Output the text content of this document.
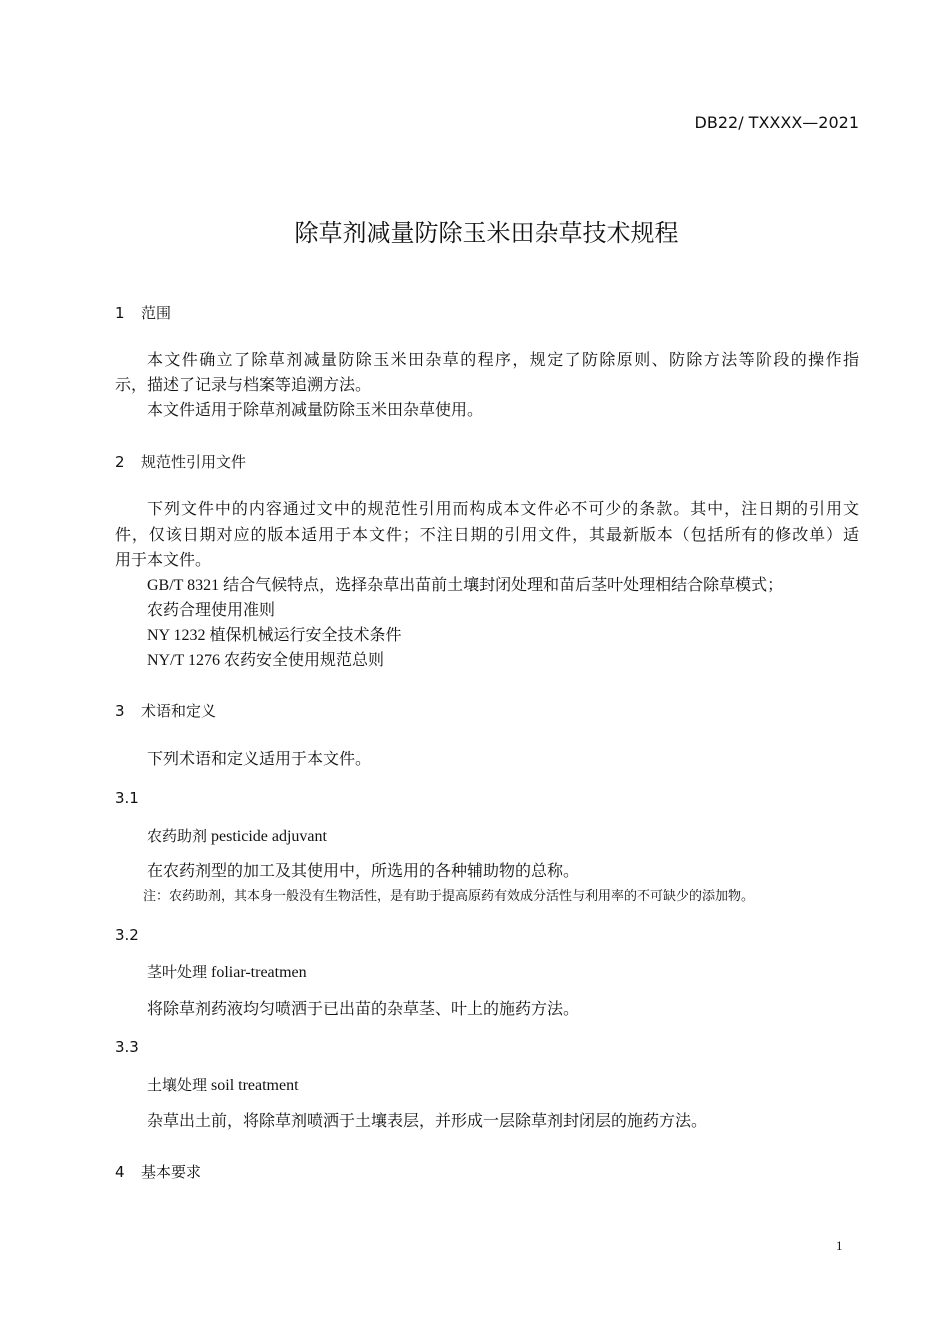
DB22/ TXXXX—2021
除草剂减量防除玉米田杂草技术规程
1 范围
本文件确立了除草剂减量防除玉米田杂草的程序，规定了防除原则、防除方法等阶段的操作指
示，描述了记录与档案等追溯方法。
本文件适用于除草剂减量防除玉米田杂草使用。
2 规范性引用文件
下列文件中的内容通过文中的规范性引用而构成本文件必不可少的条款。其中，注日期的引用文
件，仅该日期对应的版本适用于本文件；不注日期的引用文件，其最新版本（包括所有的修改单）适
用于本文件。
GB/T 8321 结合气候特点，选择杂草出苗前土壤封闭处理和苗后茎叶处理相结合除草模式；
农药合理使用准则
NY 1232 植保机械运行安全技术条件
NY/T 1276 农药安全使用规范总则
3 术语和定义
下列术语和定义适用于本文件。
3.1
农药助剂 pesticide adjuvant
在农药剂型的加工及其使用中，所选用的各种辅助物的总称。
注：农药助剂，其本身一般没有生物活性，是有助于提高原药有效成分活性与利用率的不可缺少的添加物。
3.2
茎叶处理 foliar-treatmen
将除草剂药液均匀喷洒于已出苗的杂草茎、叶上的施药方法。
3.3
土壤处理 soil treatment
杂草出土前，将除草剂喷洒于土壤表层，并形成一层除草剂封闭层的施药方法。
4 基本要求
1
